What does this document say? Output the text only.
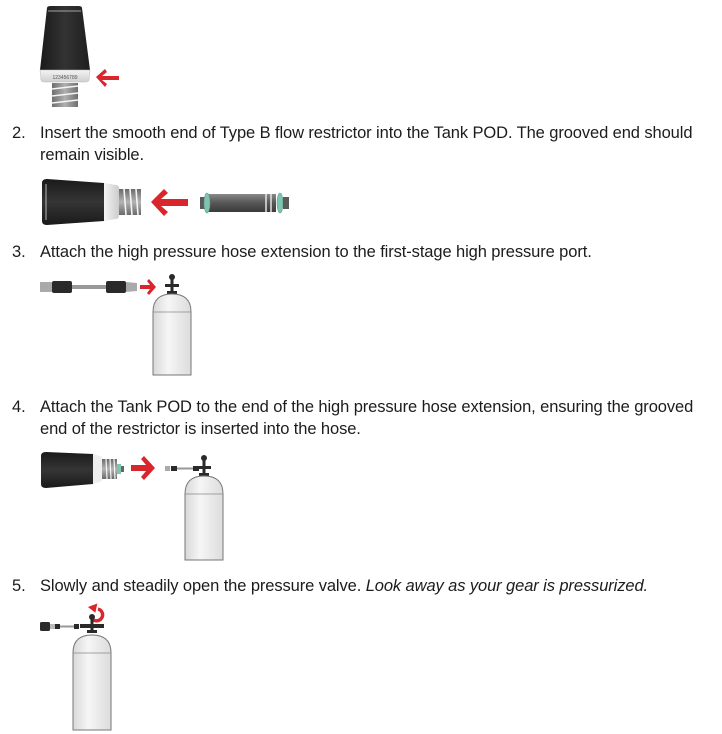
123456789
2. Insert the smooth end of Type B flow restrictor into the Tank POD. The grooved end should remain visible.
3. Attach the high pressure hose extension to the first-stage high pressure port.
4. Attach the Tank POD to the end of the high pressure hose extension, ensuring the grooved end of the restrictor is inserted into the hose.
5. Slowly and steadily open the pressure valve. Look away as your gear is pressurized.
